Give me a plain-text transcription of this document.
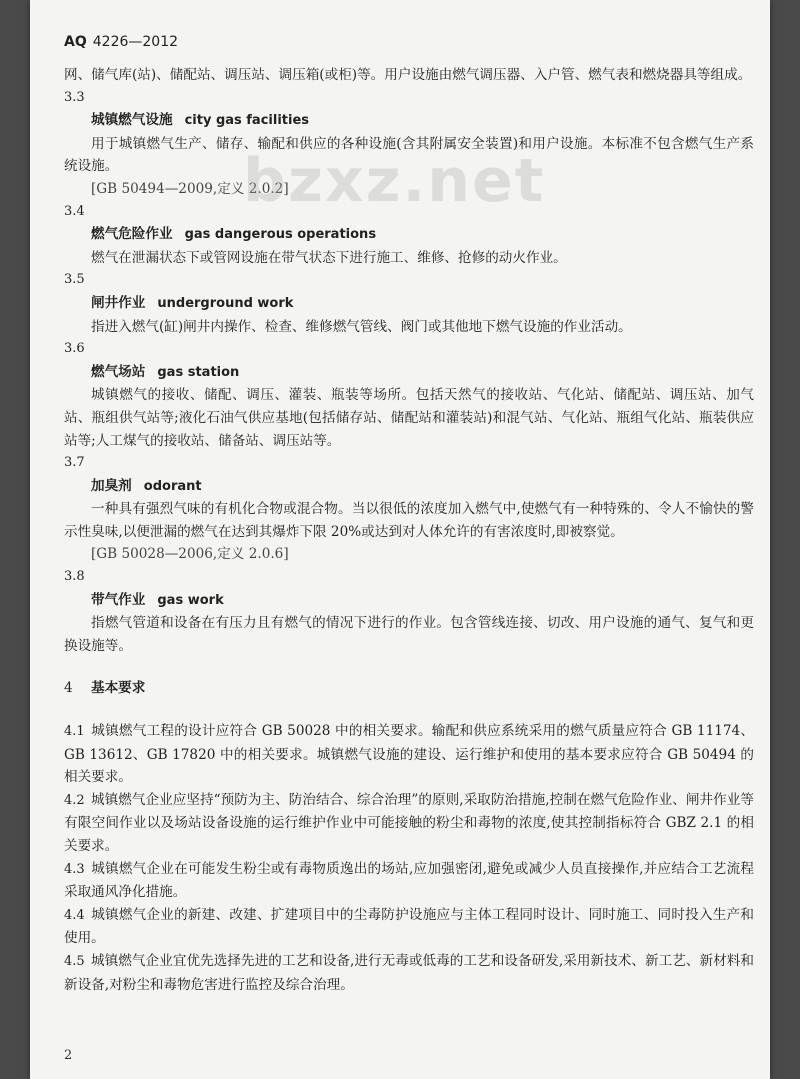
AQ 4226—2012

网、储气库(站)、储配站、调压站、调压箱(或柜)等。用户设施由燃气调压器、入户管、燃气表和燃烧器具等组成。

3.3

城镇燃气设施 city gas facilities

用于城镇燃气生产、储存、输配和供应的各种设施(含其附属安全装置)和用户设施。本标准不包含燃气生产系统设施。

[GB 50494—2009,定义 2.0.2]

3.4

燃气危险作业 gas dangerous operations

燃气在泄漏状态下或管网设施在带气状态下进行施工、维修、抢修的动火作业。

3.5

闸井作业 underground work

指进入燃气(缸)闸井内操作、检查、维修燃气管线、阀门或其他地下燃气设施的作业活动。

3.6

燃气场站 gas station

城镇燃气的接收、储配、调压、灌装、瓶装等场所。包括天然气的接收站、气化站、储配站、调压站、加气站、瓶组供气站等;液化石油气供应基地(包括储存站、储配站和灌装站)和混气站、气化站、瓶组气化站、瓶装供应站等;人工煤气的接收站、储备站、调压站等。

3.7

加臭剂 odorant

一种具有强烈气味的有机化合物或混合物。当以很低的浓度加入燃气中,使燃气有一种特殊的、令人不愉快的警示性臭味,以便泄漏的燃气在达到其爆炸下限 20%或达到对人体允许的有害浓度时,即被察觉。

[GB 50028—2006,定义 2.0.6]

3.8

带气作业 gas work

指燃气管道和设备在有压力且有燃气的情况下进行的作业。包含管线连接、切改、用户设施的通气、复气和更换设施等。

4 基本要求

4.1 城镇燃气工程的设计应符合 GB 50028 中的相关要求。输配和供应系统采用的燃气质量应符合 GB 11174、GB 13612、GB 17820 中的相关要求。城镇燃气设施的建设、运行维护和使用的基本要求应符合 GB 50494 的相关要求。

4.2 城镇燃气企业应坚持“预防为主、防治结合、综合治理”的原则,采取防治措施,控制在燃气危险作业、闸井作业等有限空间作业以及场站设备设施的运行维护作业中可能接触的粉尘和毒物的浓度,使其控制指标符合 GBZ 2.1 的相关要求。

4.3 城镇燃气企业在可能发生粉尘或有毒物质逸出的场站,应加强密闭,避免或减少人员直接操作,并应结合工艺流程采取通风净化措施。

4.4 城镇燃气企业的新建、改建、扩建项目中的尘毒防护设施应与主体工程同时设计、同时施工、同时投入生产和使用。

4.5 城镇燃气企业宜优先选择先进的工艺和设备,进行无毒或低毒的工艺和设备研发,采用新技术、新工艺、新材料和新设备,对粉尘和毒物危害进行监控及综合治理。

bzxz.net
2
